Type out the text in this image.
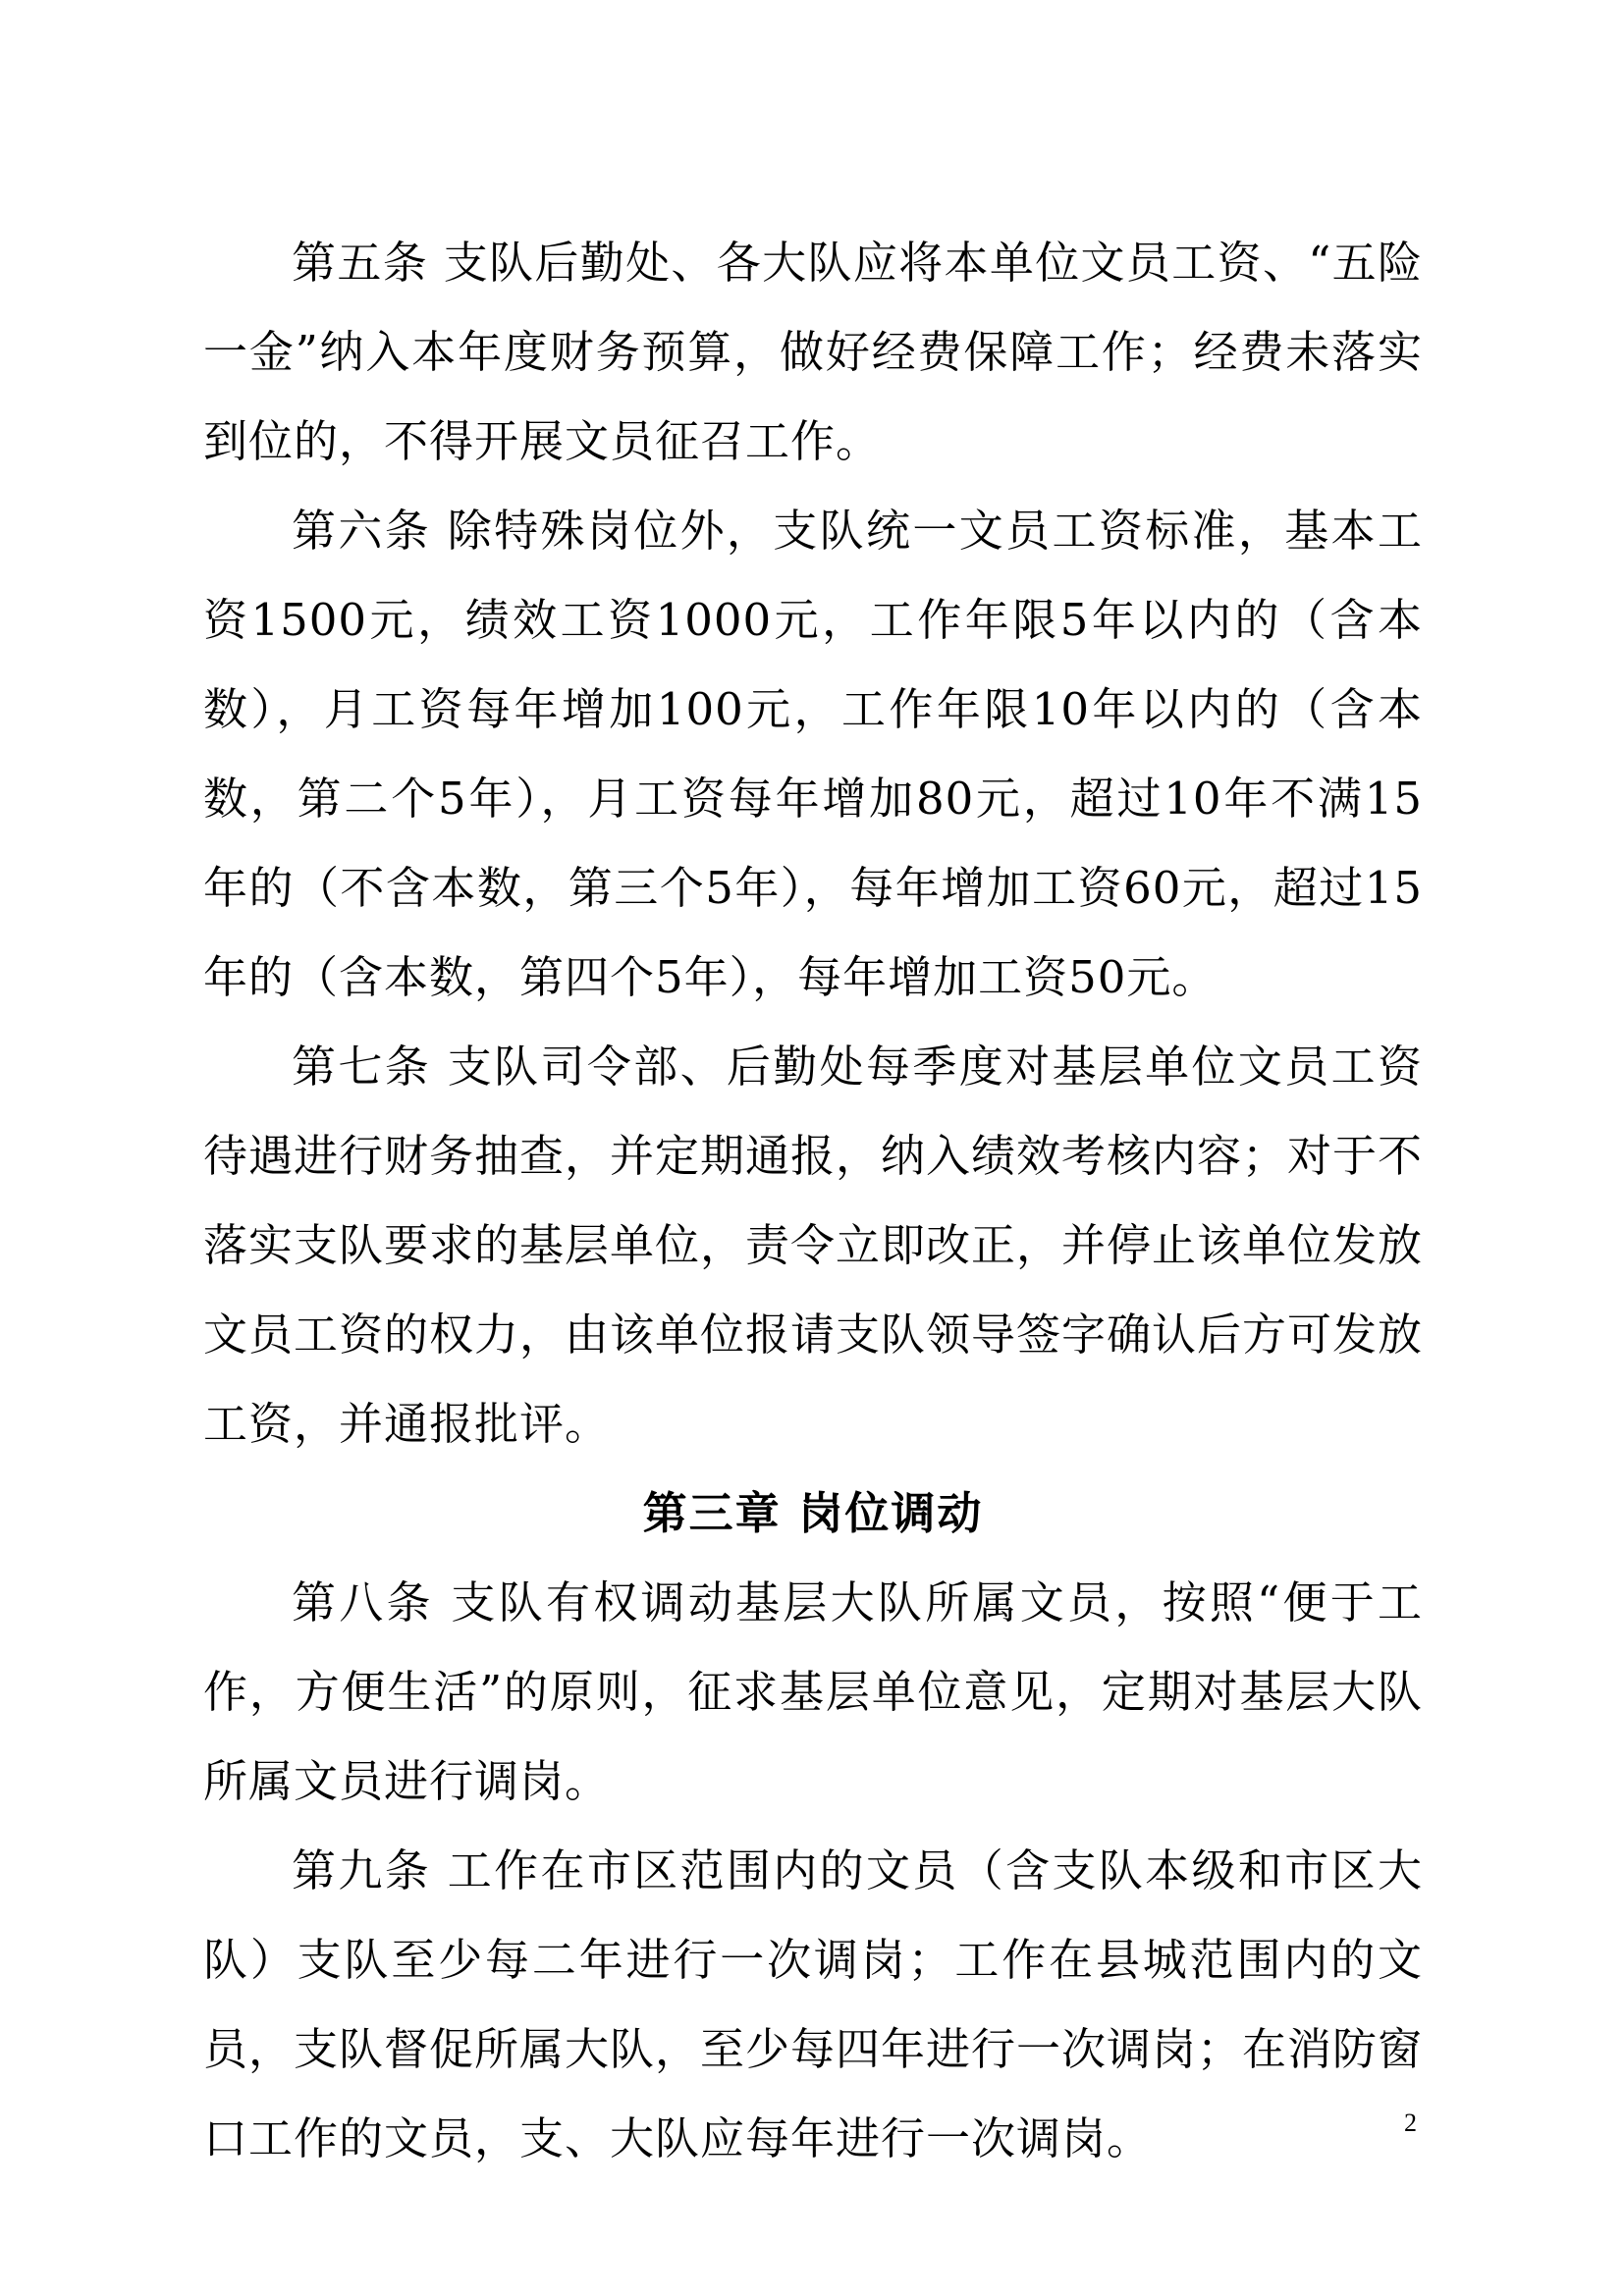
第五条 支队后勤处、各大队应将本单位文员工资、“五险一金”纳入本年度财务预算，做好经费保障工作；经费未落实到位的，不得开展文员征召工作。

第六条 除特殊岗位外，支队统一文员工资标准，基本工资1500元，绩效工资1000元，工作年限5年以内的（含本数），月工资每年增加100元，工作年限10年以内的（含本数，第二个5年），月工资每年增加80元，超过10年不满15年的（不含本数，第三个5年），每年增加工资60元，超过15年的（含本数，第四个5年），每年增加工资50元。

第七条 支队司令部、后勤处每季度对基层单位文员工资待遇进行财务抽查，并定期通报，纳入绩效考核内容；对于不落实支队要求的基层单位，责令立即改正，并停止该单位发放文员工资的权力，由该单位报请支队领导签字确认后方可发放工资，并通报批评。

第三章 岗位调动

第八条 支队有权调动基层大队所属文员，按照“便于工作，方便生活”的原则，征求基层单位意见，定期对基层大队所属文员进行调岗。

第九条 工作在市区范围内的文员（含支队本级和市区大队）支队至少每二年进行一次调岗；工作在县城范围内的文员，支队督促所属大队，至少每四年进行一次调岗；在消防窗口工作的文员，支、大队应每年进行一次调岗。	2
